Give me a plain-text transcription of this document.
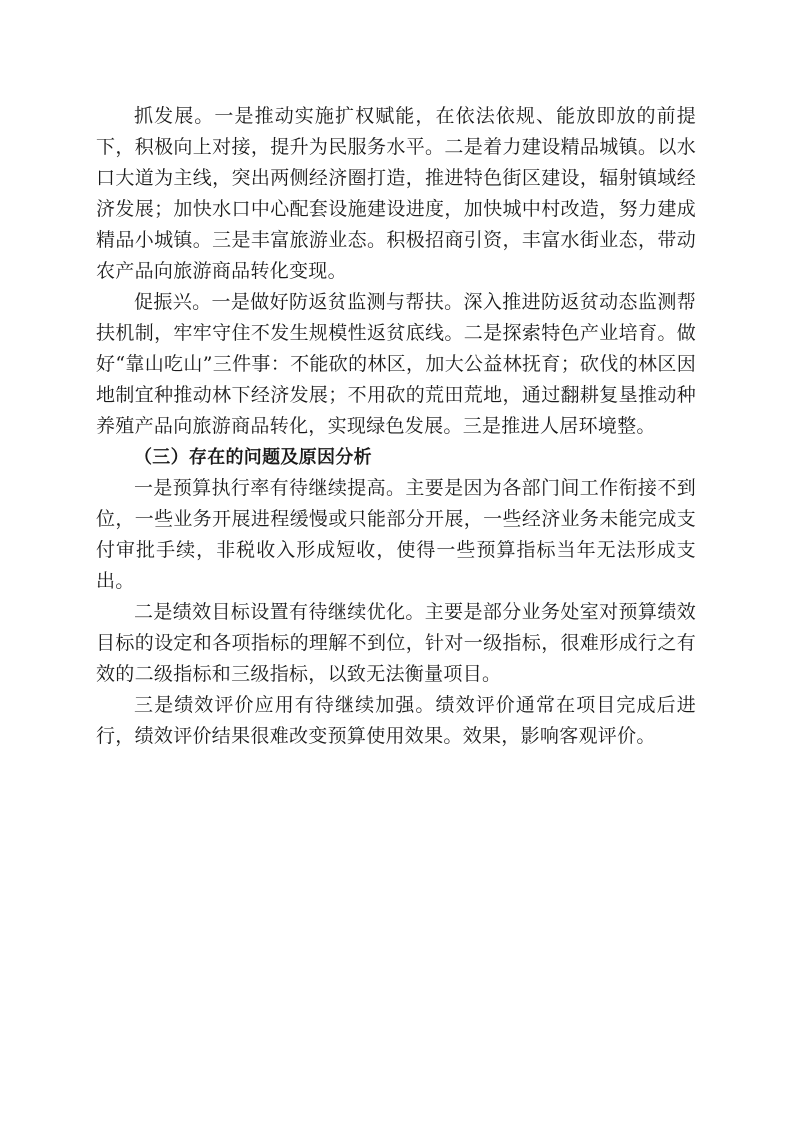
抓发展。一是推动实施扩权赋能，在依法依规、能放即放的前提下，积极向上对接，提升为民服务水平。二是着力建设精品城镇。以水口大道为主线，突出两侧经济圈打造，推进特色街区建设，辐射镇域经济发展；加快水口中心配套设施建设进度，加快城中村改造，努力建成精品小城镇。三是丰富旅游业态。积极招商引资，丰富水街业态，带动农产品向旅游商品转化变现。

促振兴。一是做好防返贫监测与帮扶。深入推进防返贫动态监测帮扶机制，牢牢守住不发生规模性返贫底线。二是探索特色产业培育。做好“靠山吃山”三件事：不能砍的林区，加大公益林抚育；砍伐的林区因地制宜种推动林下经济发展；不用砍的荒田荒地，通过翻耕复垦推动种养殖产品向旅游商品转化，实现绿色发展。三是推进人居环境整。

（三）存在的问题及原因分析

一是预算执行率有待继续提高。主要是因为各部门间工作衔接不到位，一些业务开展进程缓慢或只能部分开展，一些经济业务未能完成支付审批手续，非税收入形成短收，使得一些预算指标当年无法形成支出。

二是绩效目标设置有待继续优化。主要是部分业务处室对预算绩效目标的设定和各项指标的理解不到位，针对一级指标，很难形成行之有效的二级指标和三级指标，以致无法衡量项目。

三是绩效评价应用有待继续加强。绩效评价通常在项目完成后进行，绩效评价结果很难改变预算使用效果。效果，影响客观评价。
